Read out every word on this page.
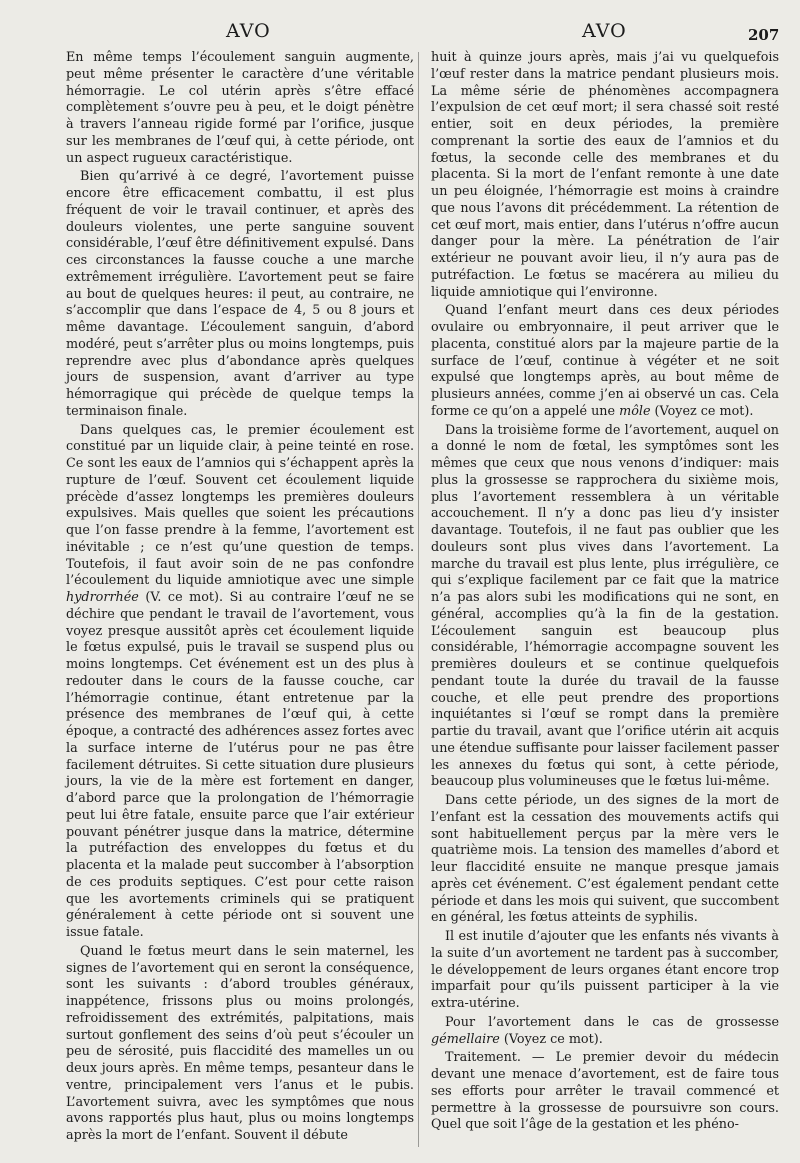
AVO	AVO	207

En même temps l’écoulement sanguin augmente, peut même présenter le caractère d’une véritable hémorragie. Le col utérin après s’être effacé complètement s’ouvre peu à peu, et le doigt pénètre à travers l’anneau rigide formé par l’orifice, jusque sur les membranes de l’œuf qui, à cette période, ont un aspect rugueux caractéristique.

Bien qu’arrivé à ce degré, l’avortement puisse encore être efficacement combattu, il est plus fréquent de voir le travail continuer, et après des douleurs violentes, une perte sanguine souvent considérable, l’œuf être définitivement expulsé. Dans ces circonstances la fausse couche a une marche extrêmement irrégulière. L’avortement peut se faire au bout de quelques heures: il peut, au contraire, ne s’accomplir que dans l’espace de 4, 5 ou 8 jours et même davantage. L’écoulement sanguin, d’abord modéré, peut s’arrêter plus ou moins longtemps, puis reprendre avec plus d’abondance après quelques jours de suspension, avant d’arriver au type hémorragique qui précède de quelque temps la terminaison finale.

Dans quelques cas, le premier écoulement est constitué par un liquide clair, à peine teinté en rose. Ce sont les eaux de l’amnios qui s’échappent après la rupture de l’œuf. Souvent cet écoulement liquide précède d’assez longtemps les premières douleurs expulsives. Mais quelles que soient les précautions que l’on fasse prendre à la femme, l’avortement est inévitable ; ce n’est qu’une question de temps. Toutefois, il faut avoir soin de ne pas confondre l’écoulement du liquide amniotique avec une simple hydrorrhée (V. ce mot). Si au contraire l’œuf ne se déchire que pendant le travail de l’avortement, vous voyez presque aussitôt après cet écoulement liquide le fœtus expulsé, puis le travail se suspend plus ou moins longtemps. Cet événement est un des plus à redouter dans le cours de la fausse couche, car l’hémorragie continue, étant entretenue par la présence des membranes de l’œuf qui, à cette époque, a contracté des adhérences assez fortes avec la surface interne de l’utérus pour ne pas être facilement détruites. Si cette situation dure plusieurs jours, la vie de la mère est fortement en danger, d’abord parce que la prolongation de l’hémorragie peut lui être fatale, ensuite parce que l’air extérieur pouvant pénétrer jusque dans la matrice, détermine la putréfaction des enveloppes du fœtus et du placenta et la malade peut succomber à l’absorption de ces produits septiques. C’est pour cette raison que les avortements criminels qui se pratiquent généralement à cette période ont si souvent une issue fatale.

Quand le fœtus meurt dans le sein maternel, les signes de l’avortement qui en seront la conséquence, sont les suivants : d’abord troubles généraux, inappétence, frissons plus ou moins prolongés, refroidissement des extrémités, palpitations, mais surtout gonflement des seins d’où peut s’écouler un peu de sérosité, puis flaccidité des mamelles un ou deux jours après. En même temps, pesanteur dans le ventre, principalement vers l’anus et le pubis. L’avortement suivra, avec les symptômes que nous avons rapportés plus haut, plus ou moins longtemps après la mort de l’enfant. Souvent il débute

huit à quinze jours après, mais j’ai vu quelquefois l’œuf rester dans la matrice pendant plusieurs mois. La même série de phénomènes accompagnera l’expulsion de cet œuf mort; il sera chassé soit resté entier, soit en deux périodes, la première comprenant la sortie des eaux de l’amnios et du fœtus, la seconde celle des membranes et du placenta. Si la mort de l’enfant remonte à une date un peu éloignée, l’hémorragie est moins à craindre que nous l’avons dit précédemment. La rétention de cet œuf mort, mais entier, dans l’utérus n’offre aucun danger pour la mère. La pénétration de l’air extérieur ne pouvant avoir lieu, il n’y aura pas de putréfaction. Le fœtus se macérera au milieu du liquide amniotique qui l’environne.

Quand l’enfant meurt dans ces deux périodes ovulaire ou embryonnaire, il peut arriver que le placenta, constitué alors par la majeure partie de la surface de l’œuf, continue à végéter et ne soit expulsé que longtemps après, au bout même de plusieurs années, comme j’en ai observé un cas. Cela forme ce qu’on a appelé une môle (Voyez ce mot).

Dans la troisième forme de l’avortement, auquel on a donné le nom de fœtal, les symptômes sont les mêmes que ceux que nous venons d’indiquer: mais plus la grossesse se rapprochera du sixième mois, plus l’avortement ressemblera à un véritable accouchement. Il n’y a donc pas lieu d’y insister davantage. Toutefois, il ne faut pas oublier que les douleurs sont plus vives dans l’avortement. La marche du travail est plus lente, plus irrégulière, ce qui s’explique facilement par ce fait que la matrice n’a pas alors subi les modifications qui ne sont, en général, accomplies qu’à la fin de la gestation. L’écoulement sanguin est beaucoup plus considérable, l’hémorragie accompagne souvent les premières douleurs et se continue quelquefois pendant toute la durée du travail de la fausse couche, et elle peut prendre des proportions inquiétantes si l’œuf se rompt dans la première partie du travail, avant que l’orifice utérin ait acquis une étendue suffisante pour laisser facilement passer les annexes du fœtus qui sont, à cette période, beaucoup plus volumineuses que le fœtus lui-même.

Dans cette période, un des signes de la mort de l’enfant est la cessation des mouvements actifs qui sont habituellement perçus par la mère vers le quatrième mois. La tension des mamelles d’abord et leur flaccidité ensuite ne manque presque jamais après cet événement. C’est également pendant cette période et dans les mois qui suivent, que succombent en général, les fœtus atteints de syphilis.

Il est inutile d’ajouter que les enfants nés vivants à la suite d’un avortement ne tardent pas à succomber, le développement de leurs organes étant encore trop imparfait pour qu’ils puissent participer à la vie extra-utérine.

Pour l’avortement dans le cas de grossesse gémellaire (Voyez ce mot).

Traitement. — Le premier devoir du médecin devant une menace d’avortement, est de faire tous ses efforts pour arrêter le travail commencé et permettre à la grossesse de poursuivre son cours. Quel que soit l’âge de la gestation et les phéno-
